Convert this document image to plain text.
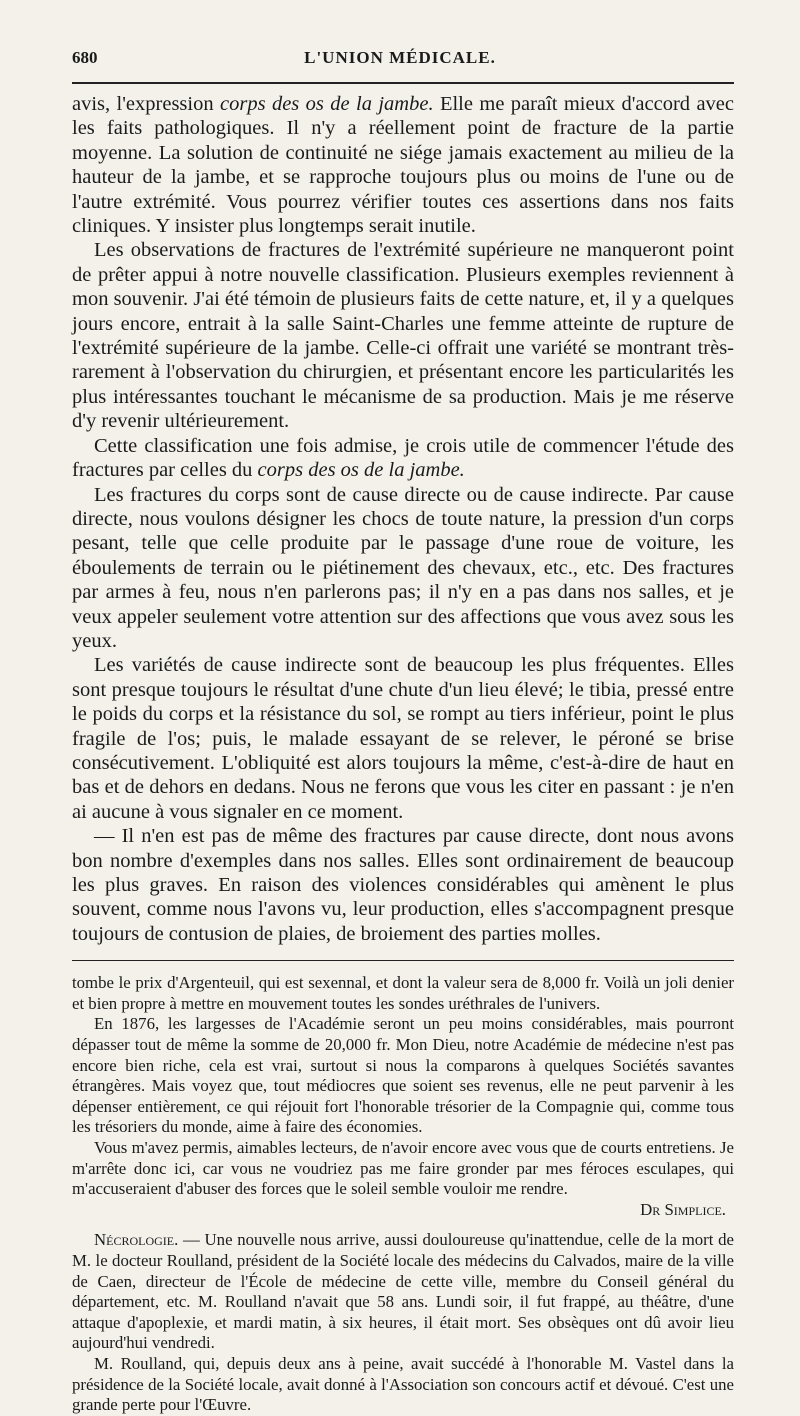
680	L'UNION MÉDICALE.

avis, l'expression corps des os de la jambe. Elle me paraît mieux d'accord avec les faits pathologiques. Il n'y a réellement point de fracture de la partie moyenne. La solution de continuité ne siége jamais exactement au milieu de la hauteur de la jambe, et se rapproche toujours plus ou moins de l'une ou de l'autre extrémité. Vous pourrez vérifier toutes ces assertions dans nos faits cliniques. Y insister plus longtemps serait inutile.

Les observations de fractures de l'extrémité supérieure ne manqueront point de prêter appui à notre nouvelle classification. Plusieurs exemples reviennent à mon souvenir. J'ai été témoin de plusieurs faits de cette nature, et, il y a quelques jours encore, entrait à la salle Saint-Charles une femme atteinte de rupture de l'extrémité supérieure de la jambe. Celle-ci offrait une variété se montrant très-rarement à l'observation du chirurgien, et présentant encore les particularités les plus intéressantes touchant le mécanisme de sa production. Mais je me réserve d'y revenir ultérieurement.

Cette classification une fois admise, je crois utile de commencer l'étude des fractures par celles du corps des os de la jambe.

Les fractures du corps sont de cause directe ou de cause indirecte. Par cause directe, nous voulons désigner les chocs de toute nature, la pression d'un corps pesant, telle que celle produite par le passage d'une roue de voiture, les éboulements de terrain ou le piétinement des chevaux, etc., etc. Des fractures par armes à feu, nous n'en parlerons pas; il n'y en a pas dans nos salles, et je veux appeler seulement votre attention sur des affections que vous avez sous les yeux.

Les variétés de cause indirecte sont de beaucoup les plus fréquentes. Elles sont presque toujours le résultat d'une chute d'un lieu élevé; le tibia, pressé entre le poids du corps et la résistance du sol, se rompt au tiers inférieur, point le plus fragile de l'os; puis, le malade essayant de se relever, le péroné se brise consécutivement. L'obliquité est alors toujours la même, c'est-à-dire de haut en bas et de dehors en dedans. Nous ne ferons que vous les citer en passant : je n'en ai aucune à vous signaler en ce moment.

— Il n'en est pas de même des fractures par cause directe, dont nous avons bon nombre d'exemples dans nos salles. Elles sont ordinairement de beaucoup les plus graves. En raison des violences considérables qui amènent le plus souvent, comme nous l'avons vu, leur production, elles s'accompagnent presque toujours de contusion de plaies, de broiement des parties molles.

tombe le prix d'Argenteuil, qui est sexennal, et dont la valeur sera de 8,000 fr. Voilà un joli denier et bien propre à mettre en mouvement toutes les sondes uréthrales de l'univers.

En 1876, les largesses de l'Académie seront un peu moins considérables, mais pourront dépasser tout de même la somme de 20,000 fr. Mon Dieu, notre Académie de médecine n'est pas encore bien riche, cela est vrai, surtout si nous la comparons à quelques Sociétés savantes étrangères. Mais voyez que, tout médiocres que soient ses revenus, elle ne peut parvenir à les dépenser entièrement, ce qui réjouit fort l'honorable trésorier de la Compagnie qui, comme tous les trésoriers du monde, aime à faire des économies.

Vous m'avez permis, aimables lecteurs, de n'avoir encore avec vous que de courts entretiens. Je m'arrête donc ici, car vous ne voudriez pas me faire gronder par mes féroces esculapes, qui m'accuseraient d'abuser des forces que le soleil semble vouloir me rendre.

Dr Simplice.

Nécrologie. — Une nouvelle nous arrive, aussi douloureuse qu'inattendue, celle de la mort de M. le docteur Roulland, président de la Société locale des médecins du Calvados, maire de la ville de Caen, directeur de l'École de médecine de cette ville, membre du Conseil général du département, etc. M. Roulland n'avait que 58 ans. Lundi soir, il fut frappé, au théâtre, d'une attaque d'apoplexie, et mardi matin, à six heures, il était mort. Ses obsèques ont dû avoir lieu aujourd'hui vendredi.

M. Roulland, qui, depuis deux ans à peine, avait succédé à l'honorable M. Vastel dans la présidence de la Société locale, avait donné à l'Association son concours actif et dévoué. C'est une grande perte pour l'Œuvre.
